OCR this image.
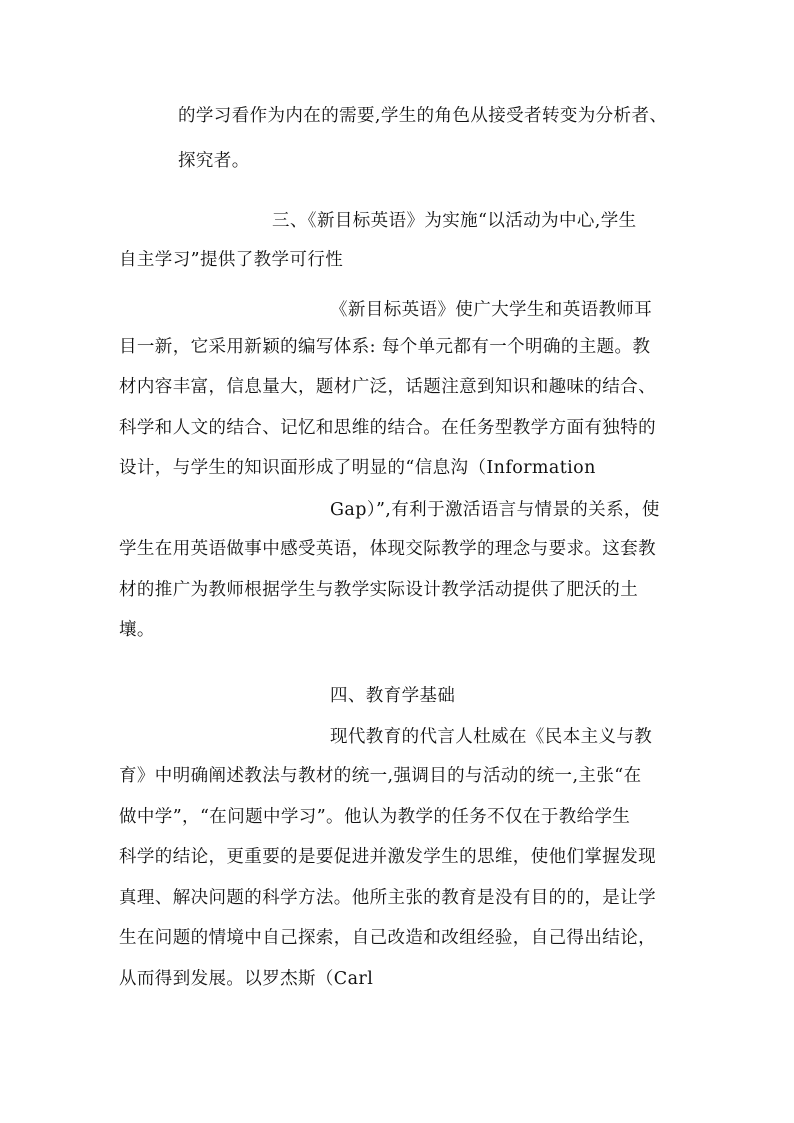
的学习看作为内在的需要,学生的角色从接受者转变为分析者、
探究者。
三、《新目标英语》为实施“以活动为中心,学生
自主学习”提供了教学可行性
《新目标英语》使广大学生和英语教师耳
目一新，它采用新颖的编写体系: 每个单元都有一个明确的主题。教
材内容丰富，信息量大，题材广泛，话题注意到知识和趣味的结合、
科学和人文的结合、记忆和思维的结合。在任务型教学方面有独特的
设计，与学生的知识面形成了明显的“信息沟（Information
Gap）”,有利于激活语言与情景的关系，使
学生在用英语做事中感受英语，体现交际教学的理念与要求。这套教
材的推广为教师根据学生与教学实际设计教学活动提供了肥沃的土
壤。
四、教育学基础
现代教育的代言人杜威在《民本主义与教
育》中明确阐述教法与教材的统一,强调目的与活动的统一,主张“在
做中学”，“在问题中学习”。他认为教学的任务不仅在于教给学生
科学的结论，更重要的是要促进并激发学生的思维，使他们掌握发现
真理、解决问题的科学方法。他所主张的教育是没有目的的，是让学
生在问题的情境中自己探索，自己改造和改组经验，自己得出结论，
从而得到发展。以罗杰斯（Carl
